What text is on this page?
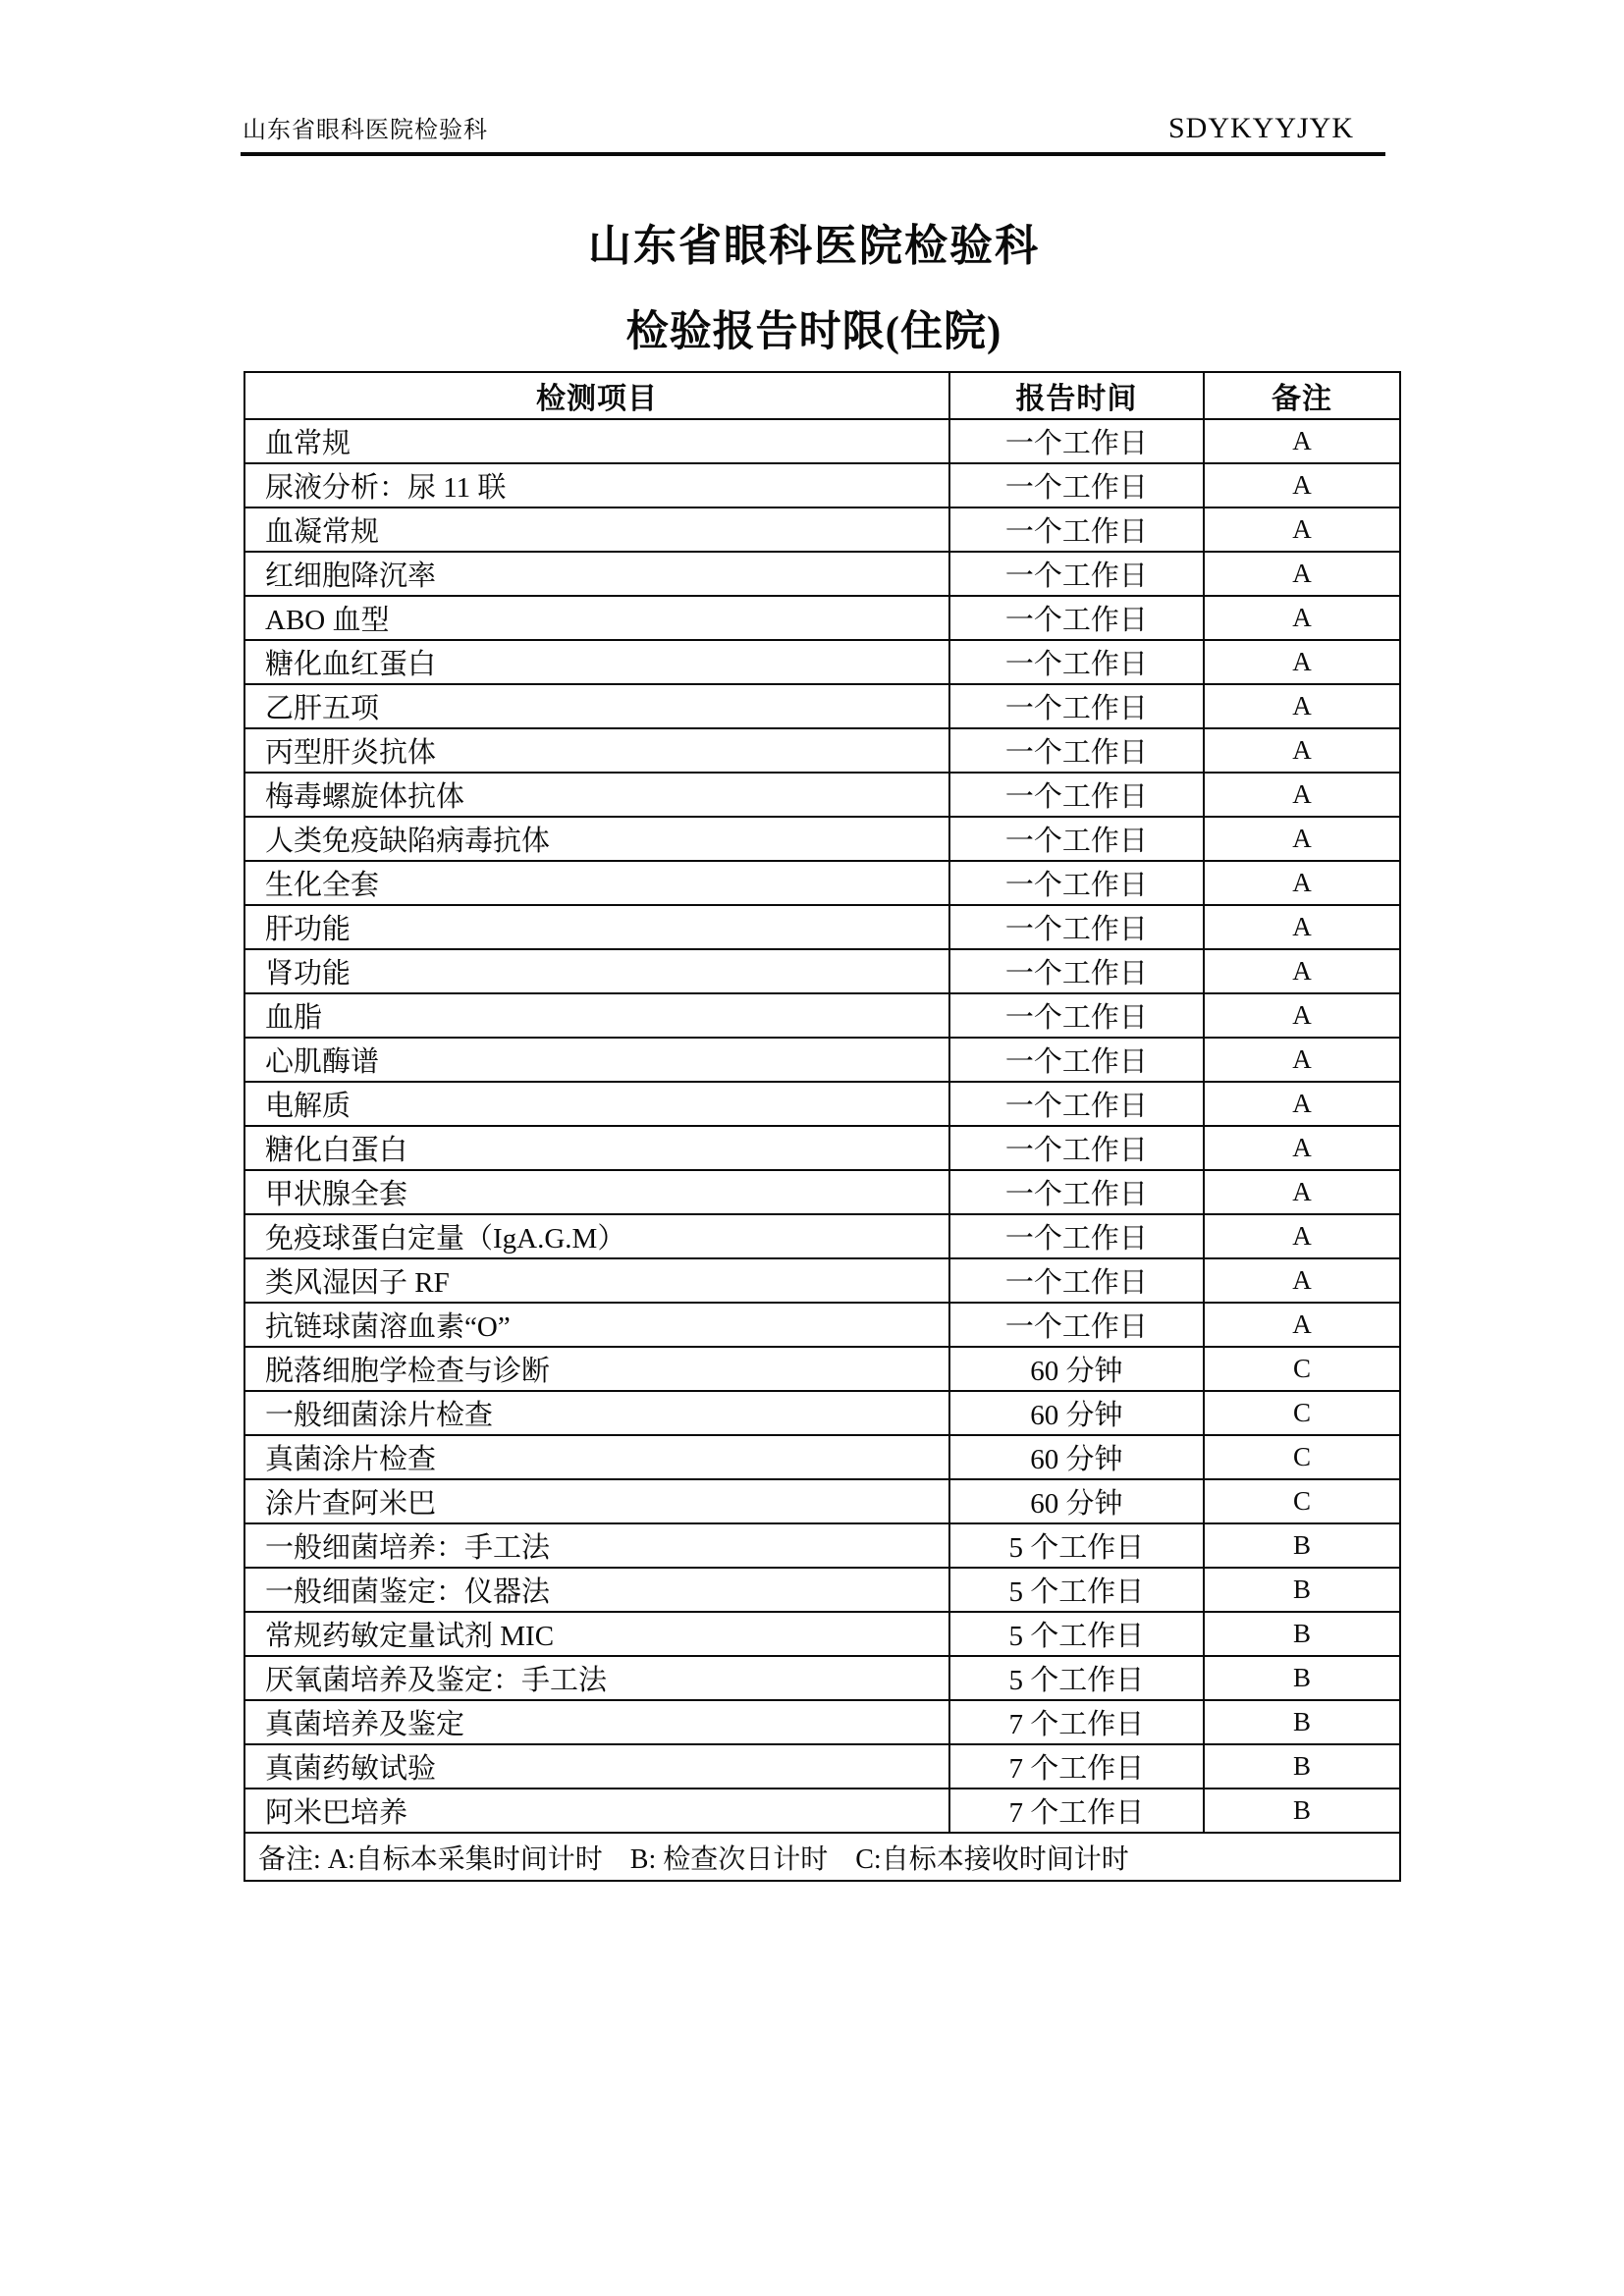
山东省眼科医院检验科	SDYKYYJYK
山东省眼科医院检验科
检验报告时限(住院)
检测项目	报告时间	备注
血常规	一个工作日	A
尿液分析：尿 11 联	一个工作日	A
血凝常规	一个工作日	A
红细胞降沉率	一个工作日	A
ABO 血型	一个工作日	A
糖化血红蛋白	一个工作日	A
乙肝五项	一个工作日	A
丙型肝炎抗体	一个工作日	A
梅毒螺旋体抗体	一个工作日	A
人类免疫缺陷病毒抗体	一个工作日	A
生化全套	一个工作日	A
肝功能	一个工作日	A
肾功能	一个工作日	A
血脂	一个工作日	A
心肌酶谱	一个工作日	A
电解质	一个工作日	A
糖化白蛋白	一个工作日	A
甲状腺全套	一个工作日	A
免疫球蛋白定量（IgA.G.M）	一个工作日	A
类风湿因子 RF	一个工作日	A
抗链球菌溶血素“O”	一个工作日	A
脱落细胞学检查与诊断	60 分钟	C
一般细菌涂片检查	60 分钟	C
真菌涂片检查	60 分钟	C
涂片查阿米巴	60 分钟	C
一般细菌培养：手工法	5 个工作日	B
一般细菌鉴定：仪器法	5 个工作日	B
常规药敏定量试剂 MIC	5 个工作日	B
厌氧菌培养及鉴定：手工法	5 个工作日	B
真菌培养及鉴定	7 个工作日	B
真菌药敏试验	7 个工作日	B
阿米巴培养	7 个工作日	B
备注: A:自标本采集时间计时　B: 检查次日计时　C:自标本接收时间计时		
